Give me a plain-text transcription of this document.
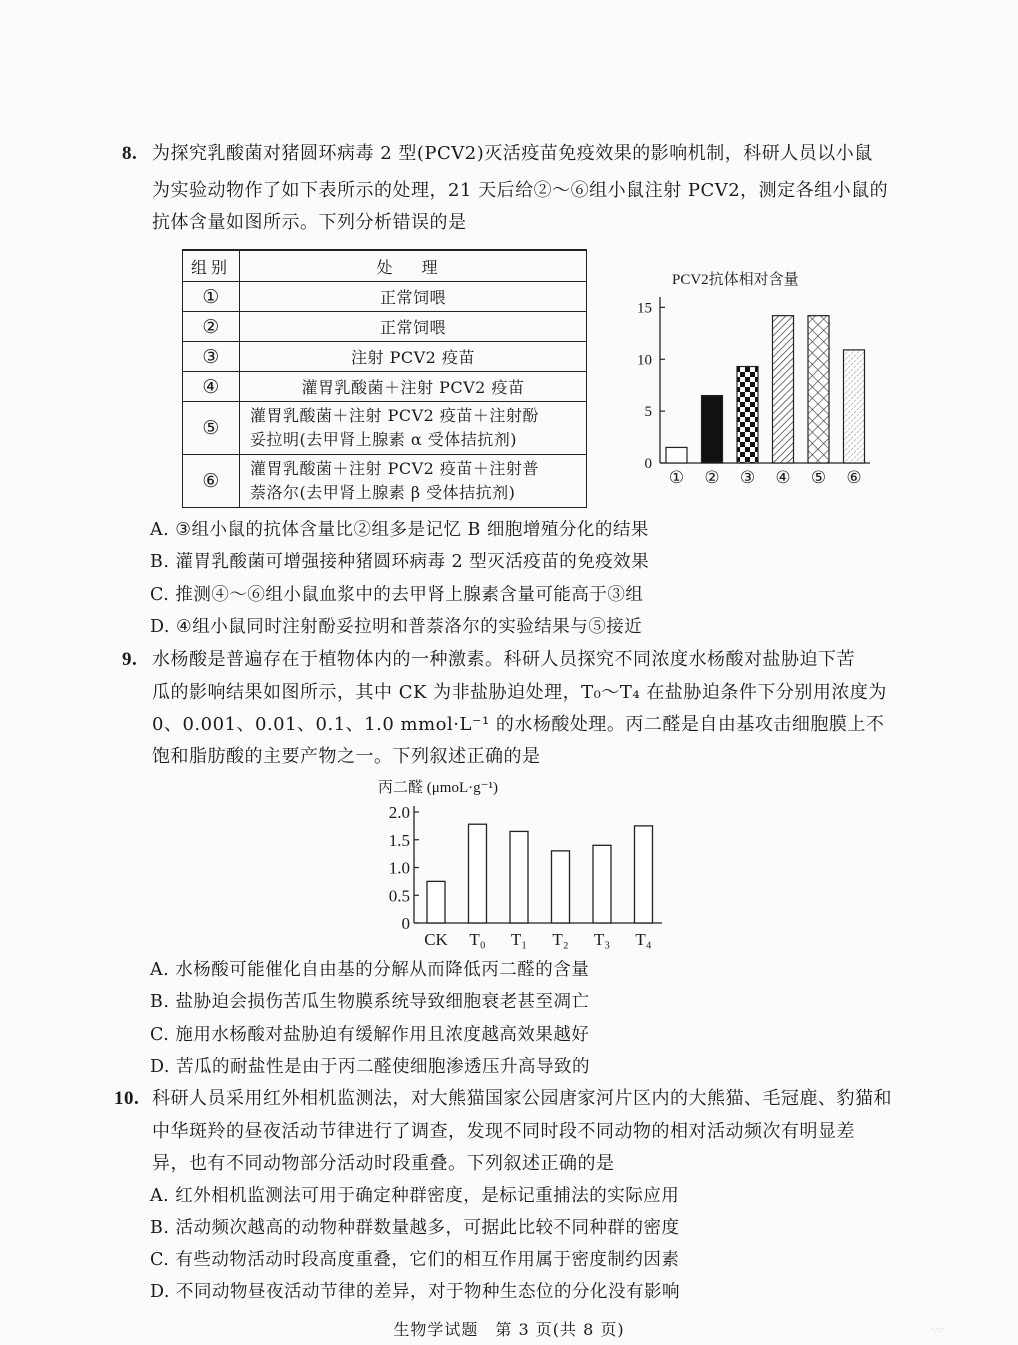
8. 为探究乳酸菌对猪圆环病毒 2 型(PCV2)灭活疫苗免疫效果的影响机制，科研人员以小鼠
为实验动物作了如下表所示的处理，21 天后给②～⑥组小鼠注射 PCV2，测定各组小鼠的
抗体含量如图所示。下列分析错误的是
组别	处 理
①	正常饲喂
②	正常饲喂
③	注射 PCV2 疫苗
④	灌胃乳酸菌＋注射 PCV2 疫苗
⑤	灌胃乳酸菌＋注射 PCV2 疫苗＋注射酚
妥拉明(去甲肾上腺素 α 受体拮抗剂)

⑥	灌胃乳酸菌＋注射 PCV2 疫苗＋注射普
萘洛尔(去甲肾上腺素 β 受体拮抗剂)
PCV2抗体相对含量
0
5
10
15
① ② ③ ④ ⑤ ⑥
A. ③组小鼠的抗体含量比②组多是记忆 B 细胞增殖分化的结果
B. 灌胃乳酸菌可增强接种猪圆环病毒 2 型灭活疫苗的免疫效果
C. 推测④～⑥组小鼠血浆中的去甲肾上腺素含量可能高于③组
D. ④组小鼠同时注射酚妥拉明和普萘洛尔的实验结果与⑤接近
9. 水杨酸是普遍存在于植物体内的一种激素。科研人员探究不同浓度水杨酸对盐胁迫下苦
瓜的影响结果如图所示，其中 CK 为非盐胁迫处理，T₀～T₄ 在盐胁迫条件下分别用浓度为
0、0.001、0.01、0.1、1.0 mmol·L⁻¹ 的水杨酸处理。丙二醛是自由基攻击细胞膜上不
饱和脂肪酸的主要产物之一。下列叙述正确的是
丙二醛 (μmoL·g⁻¹)
0
0.5
1.0
1.5
2.0
CK T₀ T₁ T₂ T₃ T₄
A. 水杨酸可能催化自由基的分解从而降低丙二醛的含量
B. 盐胁迫会损伤苦瓜生物膜系统导致细胞衰老甚至凋亡
C. 施用水杨酸对盐胁迫有缓解作用且浓度越高效果越好
D. 苦瓜的耐盐性是由于丙二醛使细胞渗透压升高导致的
10. 科研人员采用红外相机监测法，对大熊猫国家公园唐家河片区内的大熊猫、毛冠鹿、豹猫和
中华斑羚的昼夜活动节律进行了调查，发现不同时段不同动物的相对活动频次有明显差
异，也有不同动物部分活动时段重叠。下列叙述正确的是
A. 红外相机监测法可用于确定种群密度，是标记重捕法的实际应用
B. 活动频次越高的动物种群数量越多，可据此比较不同种群的密度
C. 有些动物活动时段高度重叠，它们的相互作用属于密度制约因素
D. 不同动物昼夜活动节律的差异，对于物种生态位的分化没有影响
生物学试题　第 3 页(共 8 页)	·:·:·
